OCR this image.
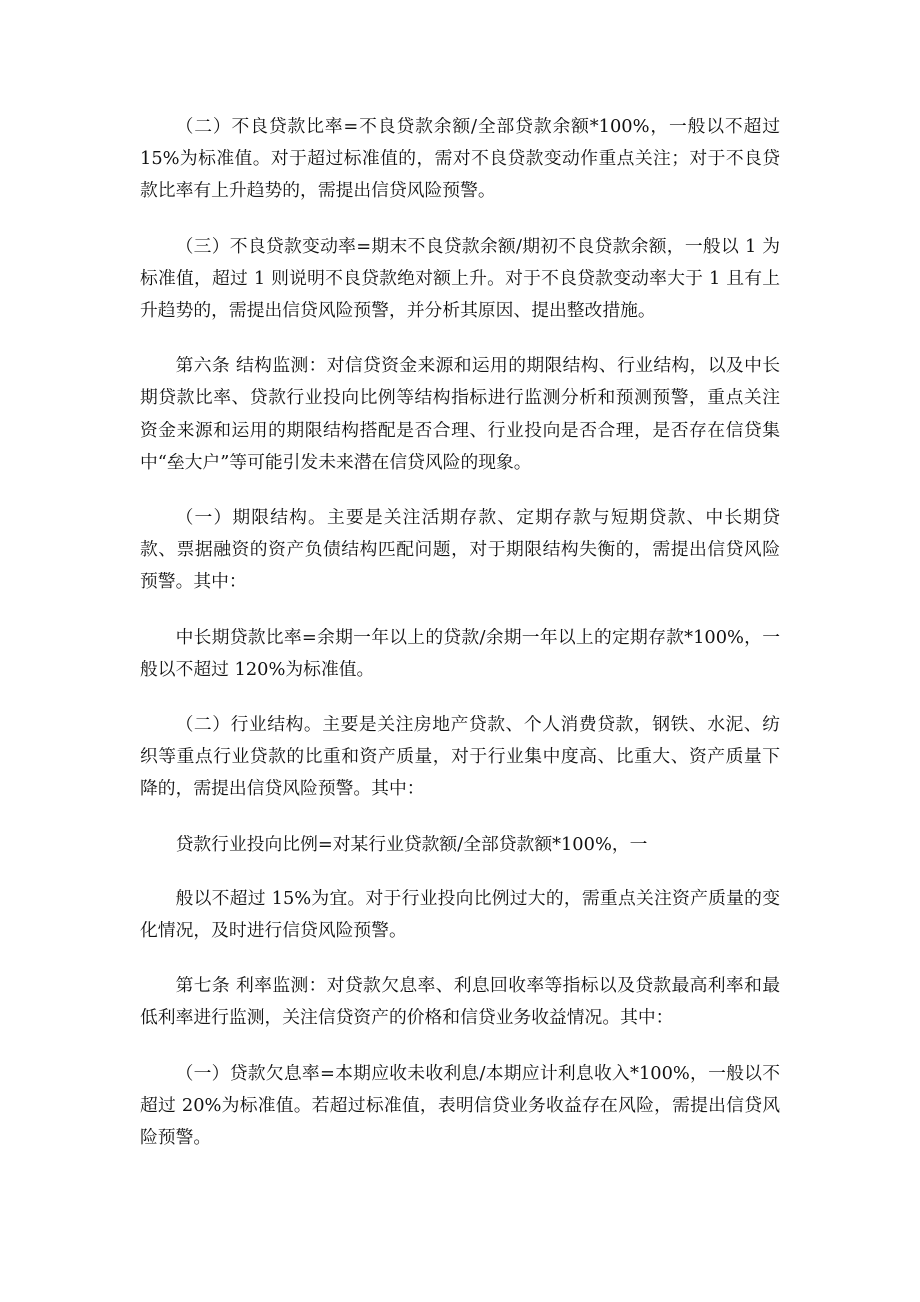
（二）不良贷款比率=不良贷款余额/全部贷款余额*100%，一般以不超过 15%为标准值。对于超过标准值的，需对不良贷款变动作重点关注；对于不良贷款比率有上升趋势的，需提出信贷风险预警。

（三）不良贷款变动率=期末不良贷款余额/期初不良贷款余额，一般以 1 为标准值，超过 1 则说明不良贷款绝对额上升。对于不良贷款变动率大于 1 且有上升趋势的，需提出信贷风险预警，并分析其原因、提出整改措施。

第六条 结构监测：对信贷资金来源和运用的期限结构、行业结构，以及中长期贷款比率、贷款行业投向比例等结构指标进行监测分析和预测预警，重点关注资金来源和运用的期限结构搭配是否合理、行业投向是否合理，是否存在信贷集中“垒大户”等可能引发未来潜在信贷风险的现象。

（一）期限结构。主要是关注活期存款、定期存款与短期贷款、中长期贷款、票据融资的资产负债结构匹配问题，对于期限结构失衡的，需提出信贷风险预警。其中：

中长期贷款比率=余期一年以上的贷款/余期一年以上的定期存款*100%，一般以不超过 120%为标准值。

（二）行业结构。主要是关注房地产贷款、个人消费贷款，钢铁、水泥、纺织等重点行业贷款的比重和资产质量，对于行业集中度高、比重大、资产质量下降的，需提出信贷风险预警。其中：

贷款行业投向比例=对某行业贷款额/全部贷款额*100%，一

般以不超过 15%为宜。对于行业投向比例过大的，需重点关注资产质量的变化情况，及时进行信贷风险预警。

第七条 利率监测：对贷款欠息率、利息回收率等指标以及贷款最高利率和最低利率进行监测，关注信贷资产的价格和信贷业务收益情况。其中：

（一）贷款欠息率=本期应收未收利息/本期应计利息收入*100%，一般以不超过 20%为标准值。若超过标准值，表明信贷业务收益存在风险，需提出信贷风险预警。
